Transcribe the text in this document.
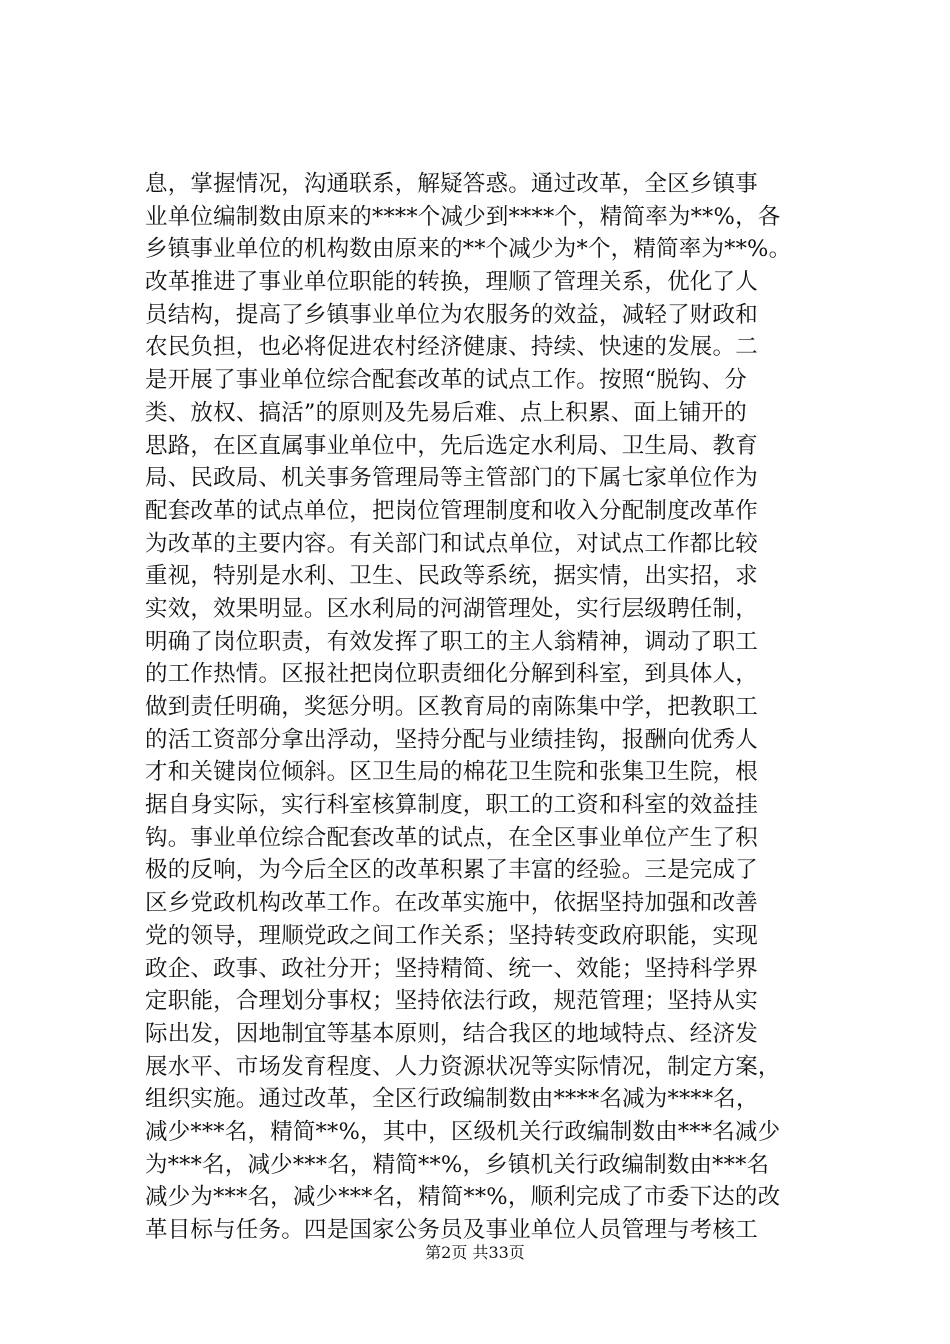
息，掌握情况，沟通联系，解疑答惑。通过改革，全区乡镇事
业单位编制数由原来的****个减少到****个，精简率为**%，各
乡镇事业单位的机构数由原来的**个减少为*个，精简率为**%。
改革推进了事业单位职能的转换，理顺了管理关系，优化了人
员结构，提高了乡镇事业单位为农服务的效益，减轻了财政和
农民负担，也必将促进农村经济健康、持续、快速的发展。二
是开展了事业单位综合配套改革的试点工作。按照“脱钩、分
类、放权、搞活”的原则及先易后难、点上积累、面上铺开的
思路，在区直属事业单位中，先后选定水利局、卫生局、教育
局、民政局、机关事务管理局等主管部门的下属七家单位作为
配套改革的试点单位，把岗位管理制度和收入分配制度改革作
为改革的主要内容。有关部门和试点单位，对试点工作都比较
重视，特别是水利、卫生、民政等系统，据实情，出实招，求
实效，效果明显。区水利局的河湖管理处，实行层级聘任制，
明确了岗位职责，有效发挥了职工的主人翁精神，调动了职工
的工作热情。区报社把岗位职责细化分解到科室，到具体人，
做到责任明确，奖惩分明。区教育局的南陈集中学，把教职工
的活工资部分拿出浮动，坚持分配与业绩挂钩，报酬向优秀人
才和关键岗位倾斜。区卫生局的棉花卫生院和张集卫生院，根
据自身实际，实行科室核算制度，职工的工资和科室的效益挂
钩。事业单位综合配套改革的试点，在全区事业单位产生了积
极的反响，为今后全区的改革积累了丰富的经验。三是完成了
区乡党政机构改革工作。在改革实施中，依据坚持加强和改善
党的领导，理顺党政之间工作关系；坚持转变政府职能，实现
政企、政事、政社分开；坚持精简、统一、效能；坚持科学界
定职能，合理划分事权；坚持依法行政，规范管理；坚持从实
际出发，因地制宜等基本原则，结合我区的地域特点、经济发
展水平、市场发育程度、人力资源状况等实际情况，制定方案，
组织实施。通过改革，全区行政编制数由****名减为****名，
减少***名，精简**%，其中，区级机关行政编制数由***名减少
为***名，减少***名，精简**%，乡镇机关行政编制数由***名
减少为***名，减少***名，精简**%，顺利完成了市委下达的改
革目标与任务。四是国家公务员及事业单位人员管理与考核工
第2页 共33页
